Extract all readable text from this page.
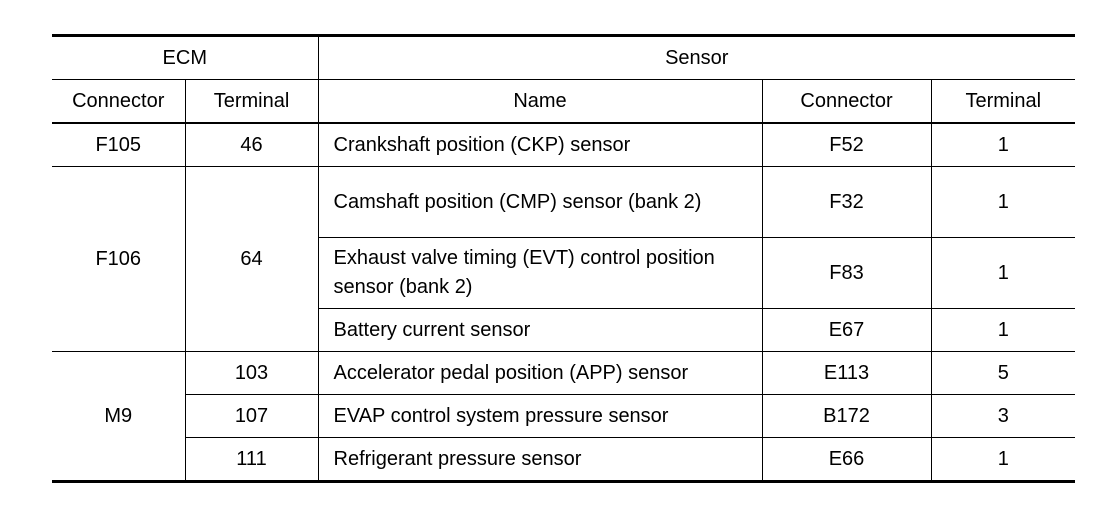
ECM		Sensor		
Connector	Terminal	Name	Connector	Terminal
F105	46	Crankshaft position (CKP) sensor	F52	1
F106	64	Camshaft position (CMP) sensor (bank 2)	F32	1
		Exhaust valve timing (EVT) control position sensor (bank 2)	F83	1
		Battery current sensor	E67	1
M9	103	Accelerator pedal position (APP) sensor	E113	5
	107	EVAP control system pressure sensor	B172	3
	111	Refrigerant pressure sensor	E66	1
